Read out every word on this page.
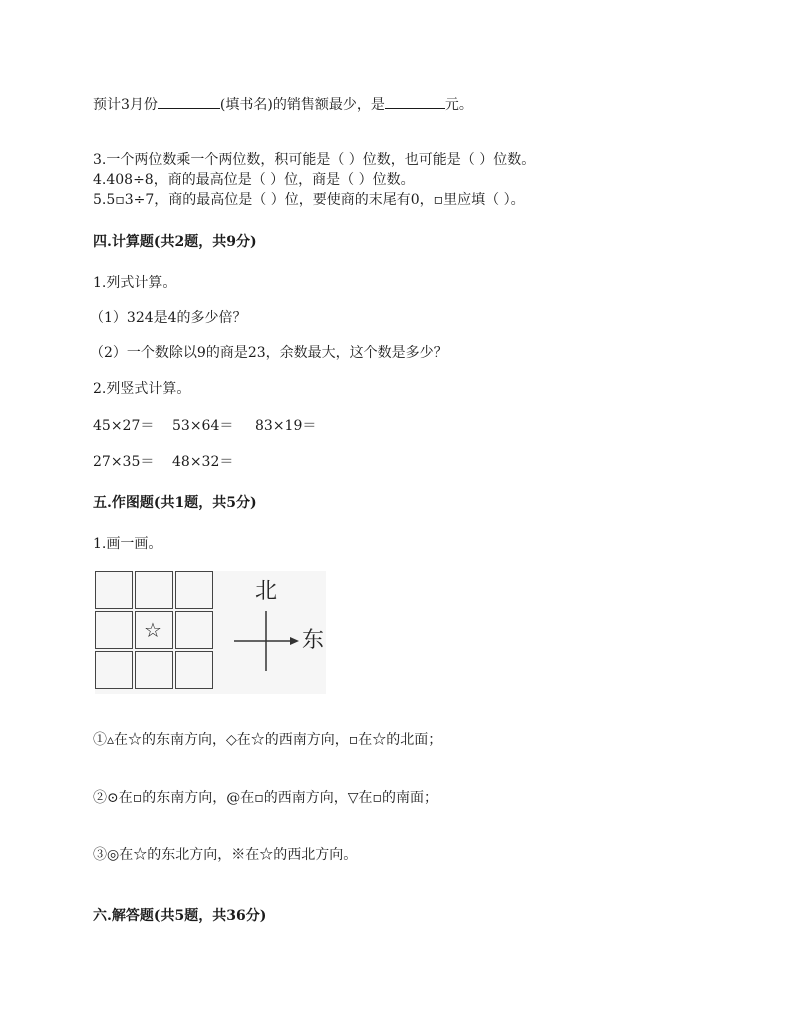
预计3月份	(填书名)的销售额最少，是	元。
3.一个两位数乘一个两位数，积可能是（ ）位数，也可能是（ ）位数。
4.408÷8，商的最高位是（ ）位，商是（ ）位数。
5.5▫3÷7，商的最高位是（ ）位，要使商的末尾有0，▫里应填（ ）。
四.计算题(共2题，共9分)
1.列式计算。
（1）324是4的多少倍？
（2）一个数除以9的商是23，余数最大，这个数是多少？
2.列竖式计算。
45×27＝ 53×64＝ 83×19＝
27×35＝ 48×32＝
五.作图题(共1题，共5分)
1.画一画。
☆
北
东
①▵在☆的东南方向，◇在☆的西南方向，▫在☆的北面；
②⊙在▫的东南方向，@在▫的西南方向，▽在▫的南面；
③◎在☆的东北方向，※在☆的西北方向。
六.解答题(共5题，共36分)
